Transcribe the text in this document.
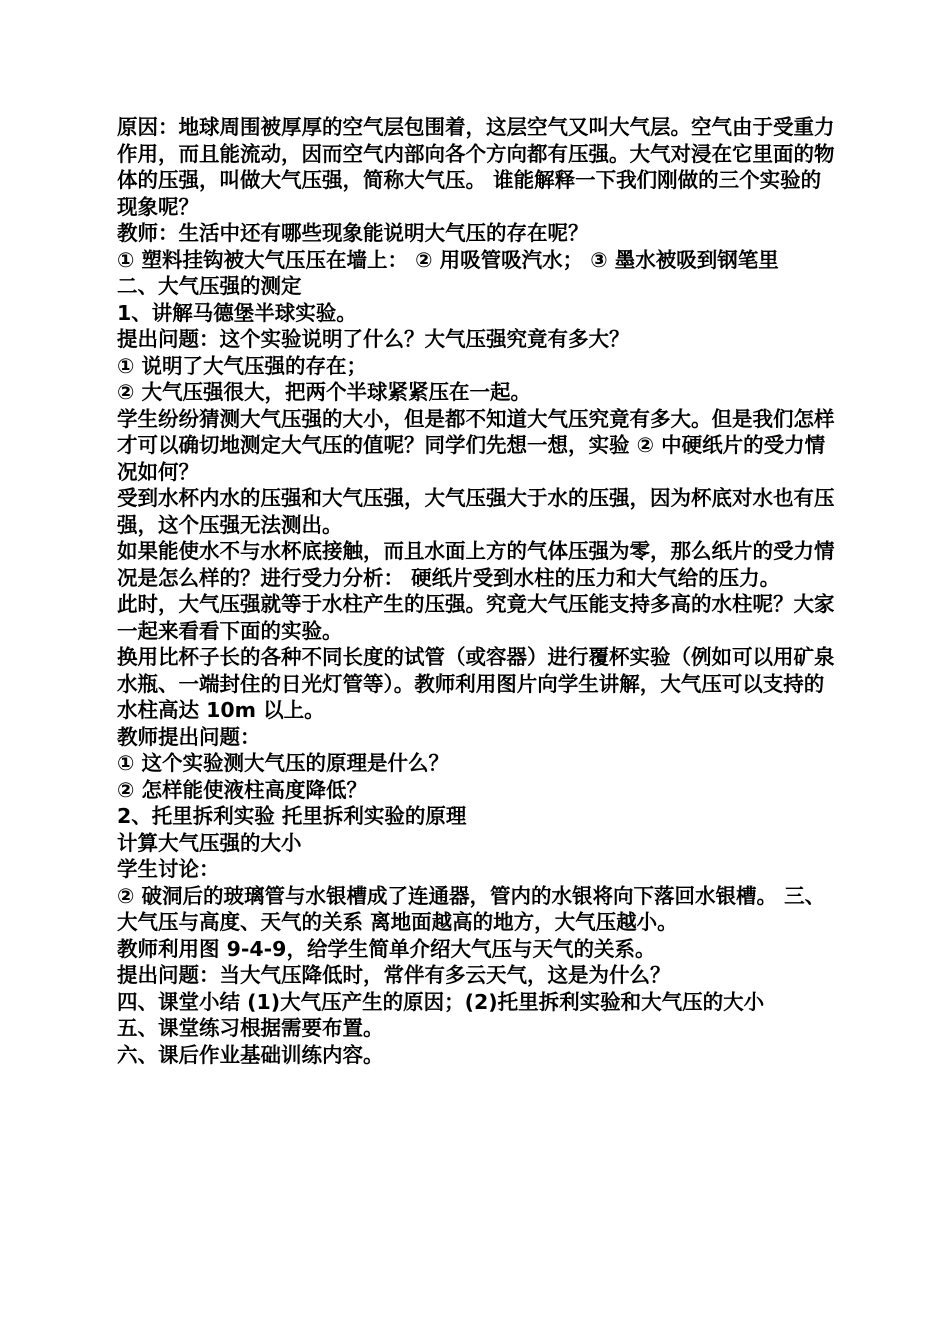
原因：地球周围被厚厚的空气层包围着，这层空气又叫大气层。空气由于受重力作用，而且能流动，因而空气内部向各个方向都有压强。大气对浸在它里面的物体的压强，叫做大气压强，简称大气压。 谁能解释一下我们刚做的三个实验的现象呢？

教师：生活中还有哪些现象能说明大气压的存在呢？

① 塑料挂钩被大气压压在墙上： ② 用吸管吸汽水； ③ 墨水被吸到钢笔里

二、大气压强的测定

1、讲解马德堡半球实验。

提出问题：这个实验说明了什么？大气压强究竟有多大？

① 说明了大气压强的存在；

② 大气压强很大，把两个半球紧紧压在一起。

学生纷纷猜测大气压强的大小，但是都不知道大气压究竟有多大。但是我们怎样才可以确切地测定大气压的值呢？同学们先想一想，实验 ② 中硬纸片的受力情况如何？

受到水杯内水的压强和大气压强，大气压强大于水的压强，因为杯底对水也有压强，这个压强无法测出。

如果能使水不与水杯底接触，而且水面上方的气体压强为零，那么纸片的受力情况是怎么样的？进行受力分析： 硬纸片受到水柱的压力和大气给的压力。

此时，大气压强就等于水柱产生的压强。究竟大气压能支持多高的水柱呢？大家一起来看看下面的实验。

换用比杯子长的各种不同长度的试管（或容器）进行覆杯实验（例如可以用矿泉水瓶、一端封住的日光灯管等）。教师利用图片向学生讲解，大气压可以支持的水柱高达 10m 以上。

教师提出问题：

① 这个实验测大气压的原理是什么？

② 怎样能使液柱高度降低？

2、托里拆利实验 托里拆利实验的原理

计算大气压强的大小

学生讨论：

② 破洞后的玻璃管与水银槽成了连通器，管内的水银将向下落回水银槽。 三、大气压与高度、天气的关系 离地面越高的地方，大气压越小。

教师利用图 9-4-9，给学生简单介绍大气压与天气的关系。

提出问题：当大气压降低时，常伴有多云天气，这是为什么？

四、课堂小结 (1)大气压产生的原因；(2)托里拆利实验和大气压的大小

五、课堂练习根据需要布置。

六、课后作业基础训练内容。
